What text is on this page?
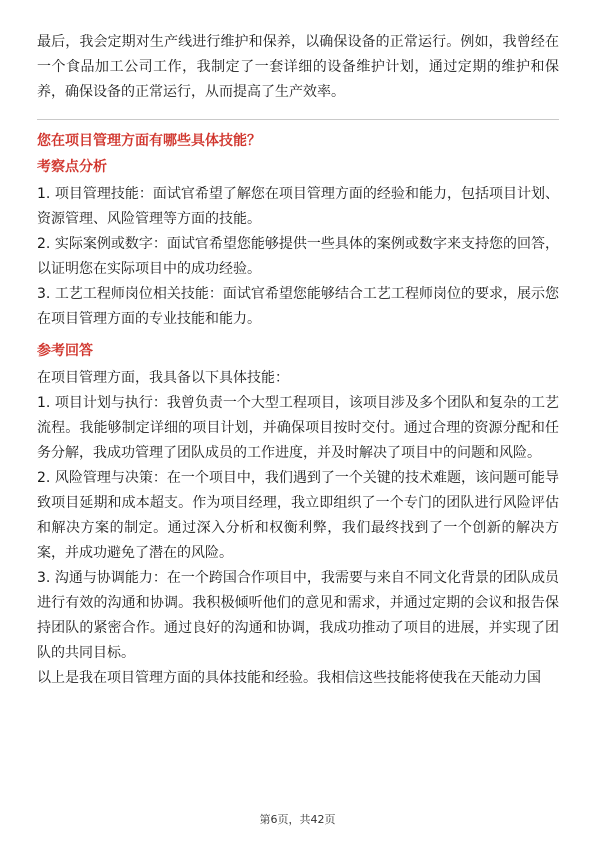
最后，我会定期对生产线进行维护和保养，以确保设备的正常运行。例如，我曾经在一个食品加工公司工作，我制定了一套详细的设备维护计划，通过定期的维护和保养，确保设备的正常运行，从而提高了生产效率。

您在项目管理方面有哪些具体技能？

考察点分析

1. 项目管理技能：面试官希望了解您在项目管理方面的经验和能力，包括项目计划、资源管理、风险管理等方面的技能。

2. 实际案例或数字：面试官希望您能够提供一些具体的案例或数字来支持您的回答，以证明您在实际项目中的成功经验。

3. 工艺工程师岗位相关技能：面试官希望您能够结合工艺工程师岗位的要求，展示您在项目管理方面的专业技能和能力。

参考回答

在项目管理方面，我具备以下具体技能：

1. 项目计划与执行：我曾负责一个大型工程项目，该项目涉及多个团队和复杂的工艺流程。我能够制定详细的项目计划，并确保项目按时交付。通过合理的资源分配和任务分解，我成功管理了团队成员的工作进度，并及时解决了项目中的问题和风险。

2. 风险管理与决策：在一个项目中，我们遇到了一个关键的技术难题，该问题可能导致项目延期和成本超支。作为项目经理，我立即组织了一个专门的团队进行风险评估和解决方案的制定。通过深入分析和权衡利弊，我们最终找到了一个创新的解决方案，并成功避免了潜在的风险。

3. 沟通与协调能力：在一个跨国合作项目中，我需要与来自不同文化背景的团队成员进行有效的沟通和协调。我积极倾听他们的意见和需求，并通过定期的会议和报告保持团队的紧密合作。通过良好的沟通和协调，我成功推动了项目的进展，并实现了团队的共同目标。

以上是我在项目管理方面的具体技能和经验。我相信这些技能将使我在天能动力国

第6页，共42页
